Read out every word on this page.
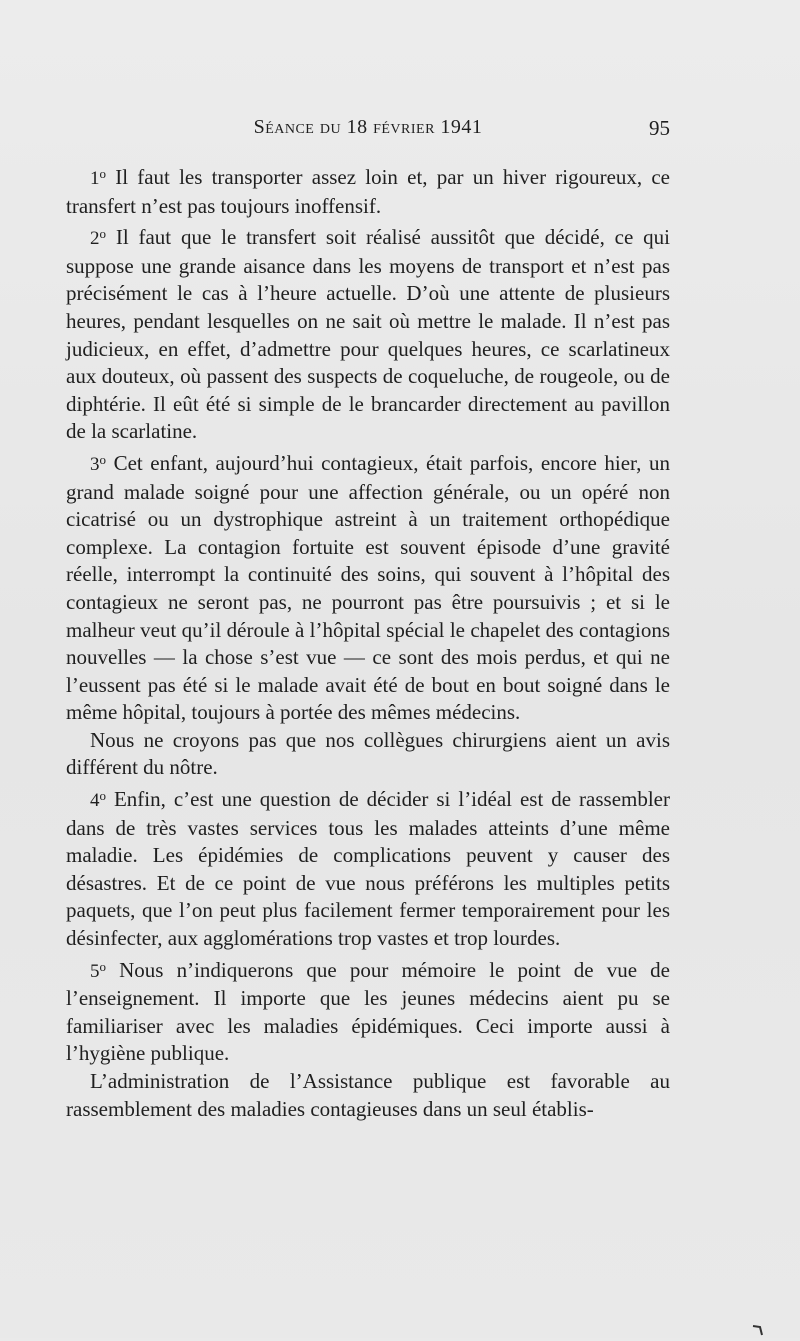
Séance du 18 février 1941	95

1$^o$ Il faut les transporter assez loin et, par un hiver rigoureux, ce transfert n’est pas toujours inoffensif.

2$^o$ Il faut que le transfert soit réalisé aussitôt que décidé, ce qui suppose une grande aisance dans les moyens de transport et n’est pas précisément le cas à l’heure actuelle. D’où une attente de plusieurs heures, pendant lesquelles on ne sait où mettre le malade. Il n’est pas judicieux, en effet, d’admettre pour quelques heures, ce scarlatineux aux douteux, où passent des suspects de coqueluche, de rougeole, ou de diphtérie. Il eût été si simple de le brancarder directement au pavillon de la scarlatine.

3$^o$ Cet enfant, aujourd’hui contagieux, était parfois, encore hier, un grand malade soigné pour une affection générale, ou un opéré non cicatrisé ou un dystrophique astreint à un traitement orthopédique complexe. La contagion fortuite est souvent épisode d’une gravité réelle, interrompt la continuité des soins, qui souvent à l’hôpital des contagieux ne seront pas, ne pourront pas être poursuivis ; et si le malheur veut qu’il déroule à l’hôpital spécial le chapelet des contagions nouvelles — la chose s’est vue — ce sont des mois perdus, et qui ne l’eussent pas été si le malade avait été de bout en bout soigné dans le même hôpital, toujours à portée des mêmes médecins.

Nous ne croyons pas que nos collègues chirurgiens aient un avis différent du nôtre.

4$^o$ Enfin, c’est une question de décider si l’idéal est de rassembler dans de très vastes services tous les malades atteints d’une même maladie. Les épidémies de complications peuvent y causer des désastres. Et de ce point de vue nous préférons les multiples petits paquets, que l’on peut plus facilement fermer temporairement pour les désinfecter, aux agglomérations trop vastes et trop lourdes.

5$^o$ Nous n’indiquerons que pour mémoire le point de vue de l’enseignement. Il importe que les jeunes médecins aient pu se familiariser avec les maladies épidémiques. Ceci importe aussi à l’hygiène publique.

L’administration de l’Assistance publique est favorable au rassemblement des maladies contagieuses dans un seul établis-
